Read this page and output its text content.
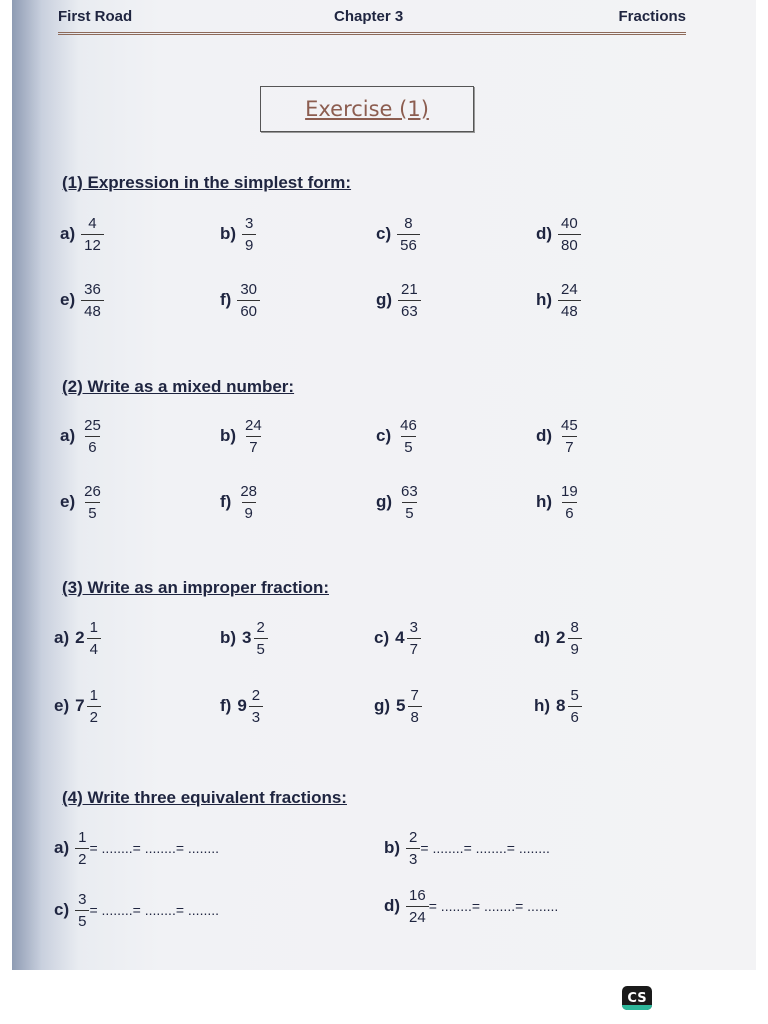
First Road	Chapter 3	Fractions
Exercise (1)
(1) Expression in the simplest form:
$a) \frac{4}{12}$	$b) \frac{3}{9}$	$c) \frac{8}{56}$	$d) \frac{40}{80}$
$e) \frac{36}{48}$	$f) \frac{30}{60}$	$g) \frac{21}{63}$	$h) \frac{24}{48}$
(2) Write as a mixed number:
$a) \frac{25}{6}$	$b) \frac{24}{7}$	$c) \frac{46}{5}$	$d) \frac{45}{7}$
$e) \frac{26}{5}$	$f) \frac{28}{9}$	$g) \frac{63}{5}$	$h) \frac{19}{6}$
(3) Write as an improper fraction:
a) $2 \frac{1}{4}$	b) $3 \frac{2}{5}$	c) $4 \frac{3}{7}$	d) $2 \frac{8}{9}$
e) $7 \frac{1}{2}$	f) $9 \frac{2}{3}$	g) $5 \frac{7}{8}$	h) $8 \frac{5}{6}$
(4) Write three equivalent fractions:
$a) \frac{1}{2}$ = ........= ........= ........	$b) \frac{2}{3}$ = ........= ........= ........
$c) \frac{3}{5}$ = ........= ........= ........	$d) \frac{16}{24}$ = ........= ........= ........
CS
